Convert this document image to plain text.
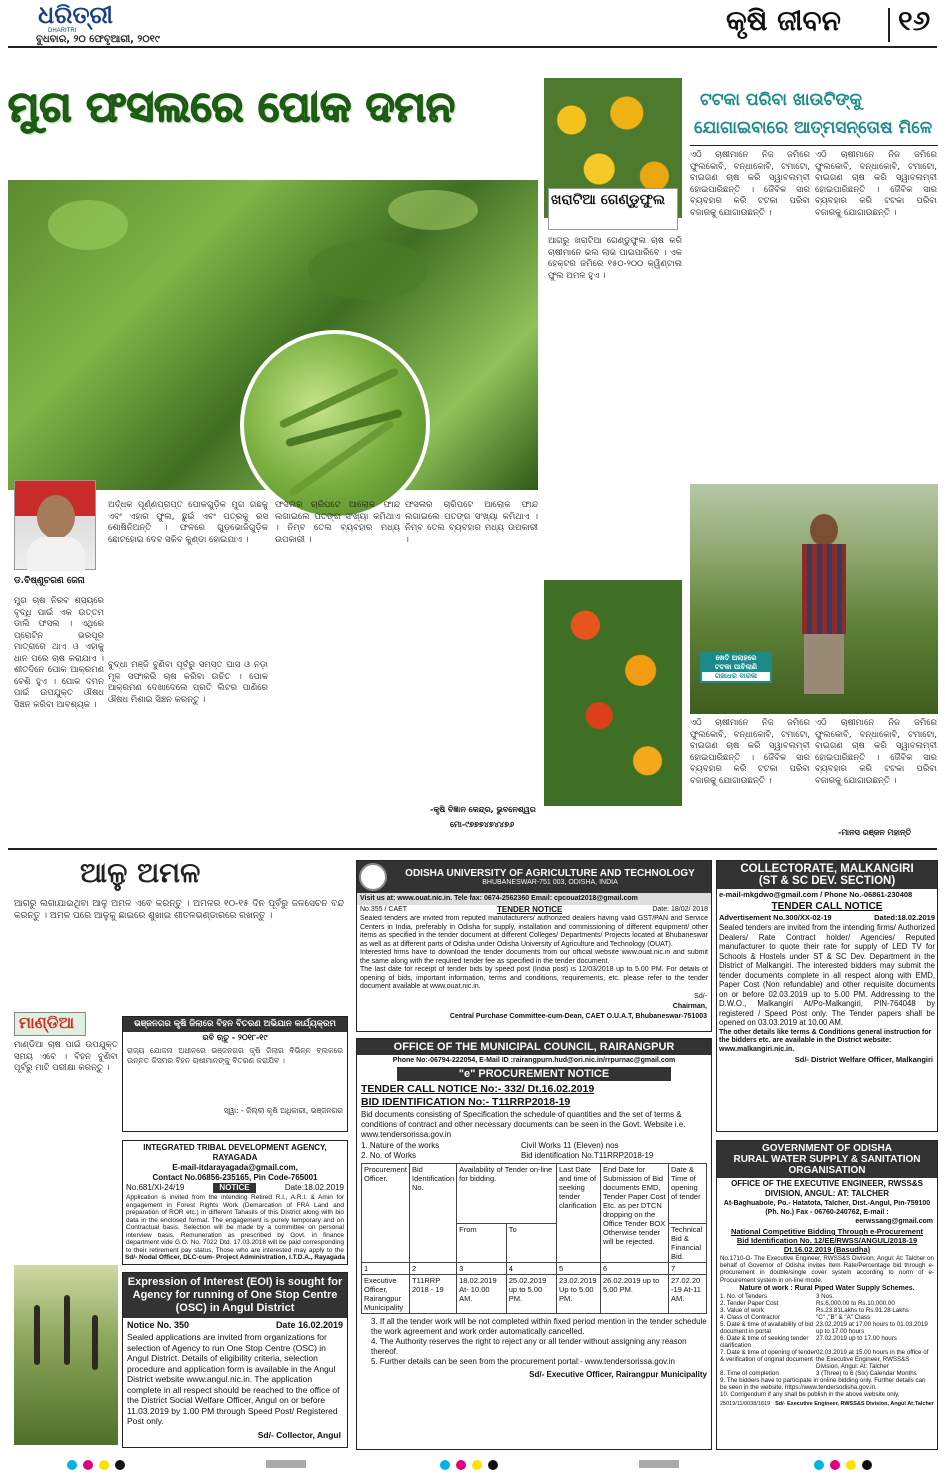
ଧରିତ୍ରୀ
DHARITRI
ବୁଧବାର, ୨୦ ଫେବୃଆରୀ, ୨୦୧୯
କୃଷି ଜୀବନ ୧୬
ମୁଗ ଫସଲରେ ପୋକ ଦମନ
ଡ.ବିଷ୍ଣୁଚରଣ ଜେନା
ଅର୍ଦ୍ଧକ ପୂର୍ଣ୍ଣପ୍ରାପ୍ତ ପୋକଗୁଡ଼ିକ ମୁଗ ଗଛକୁ ଏବଂ ଏହାର ଫୁଲ, ଛୁଇଁ ଏବଂ ପତ୍ରକୁ ରସ ଶୋଷିନିଅନ୍ତି । ଫଳରେ ଗୁଡ଼ଭୋଜିଗୁଡ଼ିକ ଛୋଟହୋଇ ଦେବ ସକିବ କୁଣ୍ଡା ହୋଇଯାଏ ।
ମୁଗ ଚାଷ ନିରବ ଶସ୍ୟରେ ବୃଦ୍ଧି ପାଇଁ ଏକ ଉତ୍ତମ ଡାଲି ଫସଲ । ଏଥିରେ ପ୍ରୋଟିନ ଭରପୂର ମାତ୍ରାରେ ଥାଏ ଓ ଏହାକୁ ଧାନ ପରେ ଚାଷ କରାଯାଏ । ଶୀତଦିନେ ପୋକ ଆକ୍ରମଣ ବେଶି ହୁଏ । ପୋକ ଦମନ ପାଇଁ ଉପଯୁକ୍ତ ଔଷଧ ସିଞ୍ଚନ କରିବା ଆବଶ୍ୟକ ।
ବୁଦ୍ଧା ମଞ୍ଜି ବୁଣିବା ପୂର୍ବରୁ ସମସ୍ତ ଘାସ ଓ ନଡ଼ା ମୂଳ ସଫାକରି ଚାଷ କରିବା ଉଚିତ । ପୋକ ଆକ୍ରମଣ ଦେଖାଦେଲେ ପ୍ରତି ଲିଟର ପାଣିରେ ଔଷଧ ମିଶାଇ ସିଞ୍ଚନ କରନ୍ତୁ ।
ଫସଲର ଚାରିପଟେ ଆଲୋକ ଫାନ୍ଦ ଲଗାଇଲେ ପତଙ୍ଗ ସଂଖ୍ୟା କମିଥାଏ । ନିମ୍ବ ତେଲ ବ୍ୟବହାର ମଧ୍ୟ ଉପକାରୀ ।
ଫସଲର ଚାରିପଟେ ଆଲୋକ ଫାନ୍ଦ ଲଗାଇଲେ ପତଙ୍ଗ ସଂଖ୍ୟା କମିଥାଏ । ନିମ୍ବ ତେଲ ବ୍ୟବହାର ମଧ୍ୟ ଉପକାରୀ ।
-କୃଷି ବିଜ୍ଞାନ କେନ୍ଦ୍ର, ଭୁବନେଶ୍ୱର
ମୋ-୯୭୭୭୪୭୪୪୭୬
ଖରାଟିଆ ଗେଣ୍ଡୁଫୁଲ
ଆଗରୁ ଖରାଟିଆ ଗେଣ୍ଡୁଫୁଲ ଚାଷ କରି ଚାଷୀମାନେ ଭଲ ଲାଭ ପାଇପାରିବେ । ଏକ ହେକ୍ଟର ଜମିରେ ୧୫୦-୨୦୦ କ୍ୱିଣ୍ଟାଲ ଫୁଲ ଅମଳ ହୁଏ ।
ଟଟକା ପରିବା ଖାଉଟିଙ୍କୁ
ଯୋଗାଇବାରେ ଆତ୍ମସନ୍ତୋଷ ମିଳେ
ଏଠି ଚାଷୀମାନେ ନିଜ ଜମିରେ ଫୁଲକୋବି, ବନ୍ଧାକୋବି, ଟମାଟୋ, ବାଇଗଣ ଚାଷ କରି ସ୍ୱାବଲମ୍ବୀ ହୋଇପାରିଛନ୍ତି । ଜୈବିକ ସାର ବ୍ୟବହାର କରି ଟଟକା ପରିବା ବଜାରକୁ ଯୋଗାଉଛନ୍ତି ।
ଏଠି ଚାଷୀମାନେ ନିଜ ଜମିରେ ଫୁଲକୋବି, ବନ୍ଧାକୋବି, ଟମାଟୋ, ବାଇଗଣ ଚାଷ କରି ସ୍ୱାବଲମ୍ବୀ ହୋଇପାରିଛନ୍ତି । ଜୈବିକ ସାର ବ୍ୟବହାର କରି ଟଟକା ପରିବା ବଜାରକୁ ଯୋଗାଉଛନ୍ତି ।
ଖେତି ଅଲାହରେ
ଟଟକା ପାଚିଲାଣି
ଗଜାଧର ବାରଳା
ଏଠି ଚାଷୀମାନେ ନିଜ ଜମିରେ ଫୁଲକୋବି, ବନ୍ଧାକୋବି, ଟମାଟୋ, ବାଇଗଣ ଚାଷ କରି ସ୍ୱାବଲମ୍ବୀ ହୋଇପାରିଛନ୍ତି । ଜୈବିକ ସାର ବ୍ୟବହାର କରି ଟଟକା ପରିବା ବଜାରକୁ ଯୋଗାଉଛନ୍ତି ।
ଏଠି ଚାଷୀମାନେ ନିଜ ଜମିରେ ଫୁଲକୋବି, ବନ୍ଧାକୋବି, ଟମାଟୋ, ବାଇଗଣ ଚାଷ କରି ସ୍ୱାବଲମ୍ବୀ ହୋଇପାରିଛନ୍ତି । ଜୈବିକ ସାର ବ୍ୟବହାର କରି ଟଟକା ପରିବା ବଜାରକୁ ଯୋଗାଉଛନ୍ତି ।
-ମାନସ ରଞ୍ଜନ ମହାନ୍ତି
ଆଳୁ ଅମଳ
ଆଗରୁ ଲଗାଯାଇଥିବା ଆଳୁ ଅମଳ ଏବେ କରନ୍ତୁ । ଅମଳର ୧୦-୧୫ ଦିନ ପୂର୍ବରୁ ଜଳସେଚନ ବନ୍ଦ କରନ୍ତୁ । ଅମଳ ପରେ ଆଳୁକୁ ଛାଇରେ ଶୁଖାଇ ଶୀତଳଭଣ୍ଡାରରେ ରଖନ୍ତୁ ।
ମାଣ୍ଡିଆ
ମାଣ୍ଡିଆ ଚାଷ ପାଇଁ ଉପଯୁକ୍ତ ସମୟ ଏବେ । ବିହନ ବୁଣିବା ପୂର୍ବରୁ ମାଟି ପରୀକ୍ଷା କରନ୍ତୁ ।
ଭଞ୍ଜନଗର କୃଷି ଜିଲାରେ ବିହନ ବିତରଣ ଅଭିଯାନ କାର୍ଯ୍ୟକ୍ରମ
ରବି ଋତୁ - ୨୦୧୮-୧୯
ରାଜ୍ୟ ଯୋଜନା ଅଧୀନରେ ଭଞ୍ଜନଗର କୃଷି ଜିଲାର ବିଭିନ୍ନ ବ୍ଲକରେ ଉନ୍ନତ କିସମର ବିହନ ଚାଷୀମାନଙ୍କୁ ବିତରଣ କରାଯିବ ।
ସ୍ୱା: - ଜିଲ୍ଲା କୃଷି ଅଧିକାରୀ, ଭଞ୍ଜନଗର
INTEGRATED TRIBAL DEVELOPMENT AGENCY, RAYAGADA
E-mail-itdarayagada@gmail.com,
Contact No.06856-235165, Pin Code-765001
No.681/XI-24/19	NOTICE	Date:18.02.2019
Application is invited from the intending Retired R.I., A.R.I. & Amin for engagement in Forest Rights Work (Demarcation of FRA Land and preparation of ROR etc.) in different Tahasils of this District along with bio data in the enclosed format. The engagement is purely temporary and on Contractual basis. Selection will be made by a committee on personal interview basis. Remuneration as prescribed by Govt. in finance department vide G.O. No. 7022 Dtd. 17.03.2018 will be paid corresponding to their retirement pay status. Those who are interested may apply to the
Sd/- Nodal Officer, DLC-cum- Project Administration, I.T.D.A., Rayagada
Expression of Interest (EOI) is sought for Agency for running of One Stop Centre (OSC) in Angul District
Notice No. 350	Date 16.02.2019
Sealed applications are invited from organizations for selection of Agency to run One Stop Centre (OSC) in Angul District. Details of eligibility criteria, selection procedure and application form is available in the Angul District website www.angul.nic.in. The application complete in all respect should be reached to the office of the District Social Welfare Officer, Angul on or before 11.03.2019 by 1.00 PM through Speed Post/ Registered Post only.
Sd/- Collector, Angul
ODISHA UNIVERSITY OF AGRICULTURE AND TECHNOLOGY
BHUBANESWAR-751 003, ODISHA, INDIA
Visit us at: www.ouat.nic.in. Tele fax: 0674-2562360 Email: cpcouat2018@gmail.com
No.355 / CAET	TENDER NOTICE	Date: 18/02/ 2018
Sealed tenders are invited from reputed manufacturers/ authorized dealers having valid GST/PAN and Service Centers in India, preferably in Odisha for supply, installation and commissioning of different equipment/ other items as specified in the tender document at different Colleges/ Departments/ Projects located at Bhubaneswar as well as at different parts of Odisha under Odisha University of Agriculture and Technology (OUAT).
Interested firms have to download the tender documents from our official website www.ouat.nic.in and submit the same along with the required tender fee as specified in the tender document.
The last date for receipt of tender bids by speed post (India post) is 12/03/2018 up to 5.00 PM. For details of opening of bids, important information, terms and conditions, requirements, etc. please refer to the tender document available at www.ouat.nic.in.
Sd/-
Chairman,
Central Purchase Committee-cum-Dean, CAET O.U.A.T, Bhubaneswar-751003
OFFICE OF THE MUNICIPAL COUNCIL, RAIRANGPUR
Phone No:-06794-222054, E-Mail ID :rairangpurn.hud@ori.nic.in/rrpurnac@gmail.com
"e" PROCUREMENT NOTICE
TENDER CALL NOTICE No:- 332/ Dt.16.02.2019
BID IDENTIFICATION No:- T11RRP2018-19
Bid documents consisting of Specification the schedule of quantities and the set of terms & conditions of contract and other necessary documents can be seen in the Govt. Website i.e. www.tendersorissa.gov.in
1. Nature of the works	Civil Works 11 (Eleven) nos
2. No. of Works	Bid identification No.T11RRP2018-19
Procurement Officer.	Bid Identification No.	Availability of Tender on-line for bidding.		Last Date and time of seeking tender clarification	End Date for Submission of Bid documents EMD, Tender Paper Cost Etc. as per DTCN dropping on the Office Tender BOX Otherwise tender will be rejected.	Date & Time of opening of tender
		From	To			Technical Bid & Financial Bid.
1	2	3	4	5	6	7
Executive Officer, Rairangpur Municipality	T11RRP 2018 - 19	18.02.2019 At- 10.00 AM.	25.02.2019 up to 5.00 PM.	23.02.2019 Up to 5.00 PM.	26.02.2019 up to 5.00 PM.	27.02.20 -19 At-11 AM.
3. If all the tender work will be not completed within fixed period mention in the tender schedule the work agreement and work order automatically cancelled.
4. The Authority reserves the right to reject any or all tender without assigning any reason thereof.
5. Further details can be seen from the procurement portal:- www.tendersorissa.gov.in
Sd/- Executive Officer, Rairangpur Municipality
COLLECTORATE, MALKANGIRI
(ST & SC DEV. SECTION)
e-mail-mkgdwo@gmail.com / Phone No.-06861-230408
TENDER CALL NOTICE
Advertisement No.300/XX-02-19	Dated:18.02.2019
Sealed tenders are invited from the intending firms/ Authorized Dealers/ Rate Contract holder/ Agencies/ Reputed manufacturer to quote their rate for supply of LED TV for Schools & Hostels under ST & SC Dev. Department in the District of Malkangiri. The interested bidders may submit the tender documents complete in all respect along with EMD, Paper Cost (Non refundable) and other requisite documents on or before 02.03.2019 up to 5.00 PM. Addressing to the D.W.O., Malkangiri At/Po-Malkangiri, PIN-764048 by registered / Speed Post only. The Tender papers shall be opened on 03.03.2019 at 10.00 AM.
The other details like terms & Conditions general instruction for the bidders etc. are available in the District website: www.malkangiri.nic.in.
Sd/- District Welfare Officer, Malkangiri
GOVERNMENT OF ODISHA
RURAL WATER SUPPLY & SANITATION ORGANISATION
OFFICE OF THE EXECUTIVE ENGINEER, RWSS&S DIVISION, ANGUL: AT: TALCHER
At-Baghuabole, Po.- Hatatota, Talcher, Dist.-Angul, Pin-759100 (Ph. No.) Fax - 06760-240762, E-mail :
eerwssang@gmail.com
National Competitive Bidding Through e-Procurement
Bid Identification No. 12/EE/RWSS/ANGUL/2018-19 Dt.16.02.2019 (Basudha)
No.1710-O- The Executive Engineer, RWSS&S Division, Angul: At: Talcher on behalf of Governor of Odisha invites Item Rate/Percentage bid through e-procurement in double/single cover system according to norm of e-Procurement system in on-line mode.
Nature of work : Rural Piped Water Supply Schemes.
1. No. of Tenders	3 Nos.
2. Tender Paper Cost	Rs.6,000.00 to Rs.10,000.00
3. Value of work	Rs.23.81Lakhs to Rs.91.28 Lakhs
4. Class of Contractor	"C" ,"B" & "A" Class
5. Date & time of availability of bid document in portal
23.02.2019 at 17.00 hours to 01.03.2019 up to 17.00 hours
6. Date & time of seeking tender clarification
27.02.2019 up to 17.00 hours
7. Date & time of opening of tender & verification of original document
02.03.2019 at 15.00 hours in the office of the Executive Engineer, RWSS&S Division, Angul: At: Talcher
8. Time of completion	3 (Three) to 6 (Six) Calendar Months
9. The bidders have to participate in online bidding only. Further details can be seen in the website. https://www.tendersodisha.gov.in.
10. Corrigendum if any shall be publish in the above website only.
25019/11/0038/1819 Sd/- Executive Engineer, RWSS&S Division, Angul At:Talcher
